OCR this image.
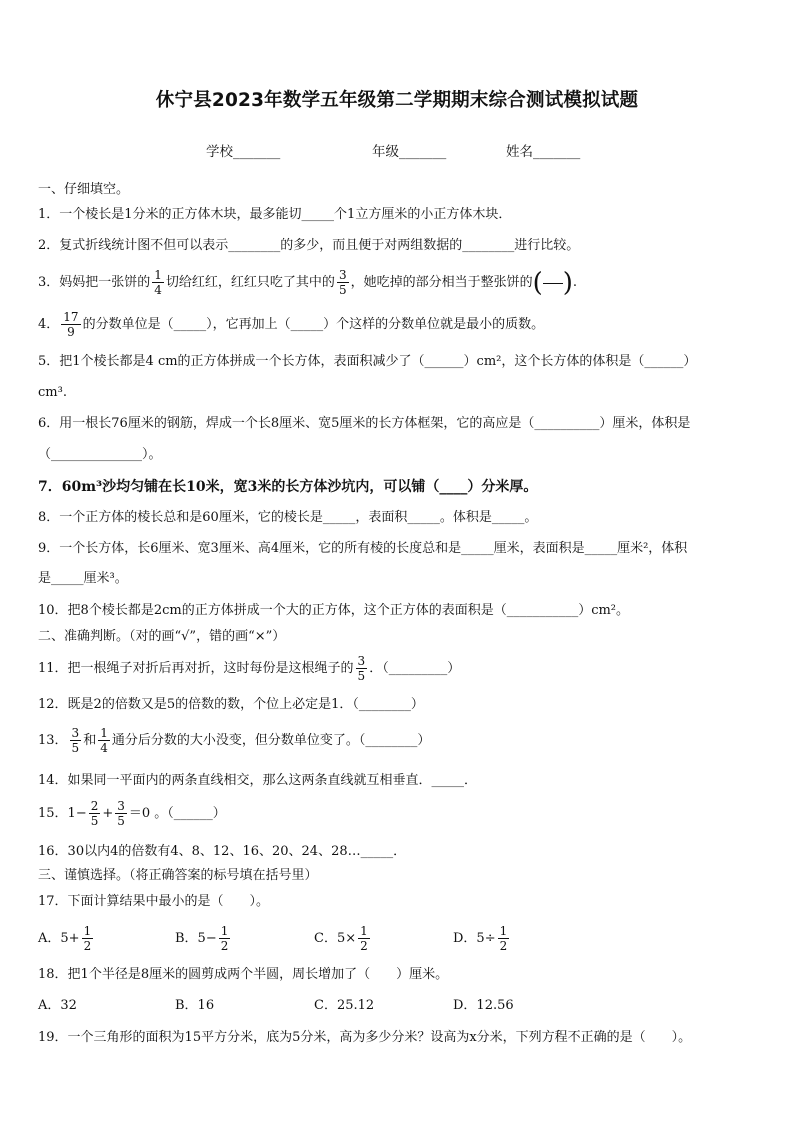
休宁县2023年数学五年级第二学期期末综合测试模拟试题
学校_______	年级_______	姓名_______
一、仔细填空。
1．一个棱长是1分米的正方体木块，最多能切_____个1立方厘米的小正方体木块．
2．复式折线统计图不但可以表示________的多少，而且便于对两组数据的________进行比较。
3．妈妈把一张饼的 $\frac{1}{4}$ 切给红红，红红只吃了其中的 $\frac{3}{5}$ ，她吃掉的部分相当于整张饼的( ).
4． $\frac{17}{9}$ 的分数单位是（_____），它再加上（_____）个这样的分数单位就是最小的质数。
5．把1个棱长都是4 cm的正方体拼成一个长方体，表面积减少了（______）cm²，这个长方体的体积是（______）
cm³.
6．用一根长76厘米的钢筋，焊成一个长8厘米、宽5厘米的长方体框架，它的高应是（__________）厘米，体积是
（______________）。
7．60m³沙均匀铺在长10米，宽3米的长方体沙坑内，可以铺（____）分米厚。
8．一个正方体的棱长总和是60厘米，它的棱长是_____，表面积_____。体积是_____。
9．一个长方体，长6厘米、宽3厘米、高4厘米，它的所有棱的长度总和是_____厘米，表面积是_____厘米²，体积
是_____厘米³。
10．把8个棱长都是2cm的正方体拼成一个大的正方体，这个正方体的表面积是（___________）cm²。
二、准确判断。（对的画“√”，错的画“×”）
11．把一根绳子对折后再对折，这时每份是这根绳子的 $\frac{3}{5}$ ．（_________）
12．既是2的倍数又是5的倍数的数，个位上必定是1．（________）
13． $\frac{3}{5}$ 和 $\frac{1}{4}$ 通分后分数的大小没变，但分数单位变了。（________）
14．如果同一平面内的两条直线相交，那么这两条直线就互相垂直．_____．
15．$1- \frac{2}{5} + \frac{3}{5} =0$ 。（______）
16．30以内4的倍数有4、8、12、16、20、24、28…_____．
三、谨慎选择。（将正确答案的标号填在括号里）
17．下面计算结果中最小的是（　　）。
A．$5+ \frac{1}{2}$	B．$5- \frac{1}{2}$	C．$5\times \frac{1}{2}$	D．$5\div \frac{1}{2}$
18．把1个半径是8厘米的圆剪成两个半圆，周长增加了（　　）厘米。
A．32	B．16	C．25.12	D．12.56
19．一个三角形的面积为15平方分米，底为5分米，高为多少分米？设高为x分米，下列方程不正确的是（　　）。
